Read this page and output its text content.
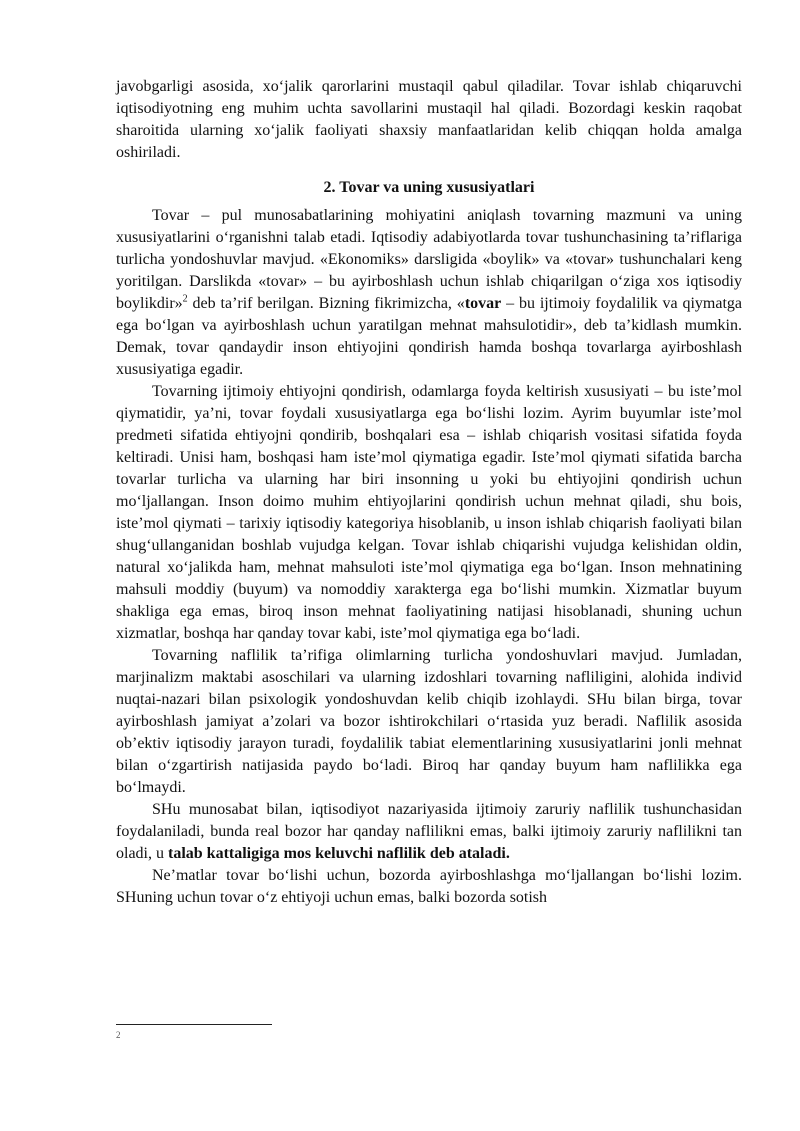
javobgarligi asosida, xo‘jalik qarorlarini mustaqil qabul qiladilar. Tovar ishlab chiqaruvchi iqtisodiyotning eng muhim uchta savollarini mustaqil hal qiladi. Bozordagi keskin raqobat sharoitida ularning xo‘jalik faoliyati shaxsiy manfaatlaridan kelib chiqqan holda amalga oshiriladi.

2. Tovar va uning xususiyatlari

Tovar – pul munosabatlarining mohiyatini aniqlash tovarning mazmuni va uning xususiyatlarini o‘rganishni talab etadi. Iqtisodiy adabiyotlarda tovar tushunchasining ta’riflariga turlicha yondoshuvlar mavjud. «Ekonomiks» darsligida «boylik» va «tovar» tushunchalari keng yoritilgan. Darslikda «tovar» – bu ayirboshlash uchun ishlab chiqarilgan o‘ziga xos iqtisodiy boylikdir»$^2$ deb ta’rif berilgan. Bizning fikrimizcha, «tovar – bu ijtimoiy foydalilik va qiymatga ega bo‘lgan va ayirboshlash uchun yaratilgan mehnat mahsulotidir», deb ta’kidlash mumkin. Demak, tovar qandaydir inson ehtiyojini qondirish hamda boshqa tovarlarga ayirboshlash xususiyatiga egadir.

Tovarning ijtimoiy ehtiyojni qondirish, odamlarga foyda keltirish xususiyati – bu iste’mol qiymatidir, ya’ni, tovar foydali xususiyatlarga ega bo‘lishi lozim. Ayrim buyumlar iste’mol predmeti sifatida ehtiyojni qondirib, boshqalari esa – ishlab chiqarish vositasi sifatida foyda keltiradi. Unisi ham, boshqasi ham iste’mol qiymatiga egadir. Iste’mol qiymati sifatida barcha tovarlar turlicha va ularning har biri insonning u yoki bu ehtiyojini qondirish uchun mo‘ljallangan. Inson doimo muhim ehtiyojlarini qondirish uchun mehnat qiladi, shu bois, iste’mol qiymati – tarixiy iqtisodiy kategoriya hisoblanib, u inson ishlab chiqarish faoliyati bilan shug‘ullanganidan boshlab vujudga kelgan. Tovar ishlab chiqarishi vujudga kelishidan oldin, natural xo‘jalikda ham, mehnat mahsuloti iste’mol qiymatiga ega bo‘lgan. Inson mehnatining mahsuli moddiy (buyum) va nomoddiy xarakterga ega bo‘lishi mumkin. Xizmatlar buyum shakliga ega emas, biroq inson mehnat faoliyatining natijasi hisoblanadi, shuning uchun xizmatlar, boshqa har qanday tovar kabi, iste’mol qiymatiga ega bo‘ladi.

Tovarning naflilik ta’rifiga olimlarning turlicha yondoshuvlari mavjud. Jumladan, marjinalizm maktabi asoschilari va ularning izdoshlari tovarning nafliligini, alohida individ nuqtai-nazari bilan psixologik yondoshuvdan kelib chiqib izohlaydi. SHu bilan birga, tovar ayirboshlash jamiyat a’zolari va bozor ishtirokchilari o‘rtasida yuz beradi. Naflilik asosida ob’ektiv iqtisodiy jarayon turadi, foydalilik tabiat elementlarining xususiyatlarini jonli mehnat bilan o‘zgartirish natijasida paydo bo‘ladi. Biroq har qanday buyum ham naflilikka ega bo‘lmaydi.

SHu munosabat bilan, iqtisodiyot nazariyasida ijtimoiy zaruriy naflilik tushunchasidan foydalaniladi, bunda real bozor har qanday naflilikni emas, balki ijtimoiy zaruriy naflilikni tan oladi, u talab kattaligiga mos keluvchi naflilik deb ataladi.

Ne’matlar tovar bo‘lishi uchun, bozorda ayirboshlashga mo‘ljallangan bo‘lishi lozim. SHuning uchun tovar o‘z ehtiyoji uchun emas, balki bozorda sotish

2
